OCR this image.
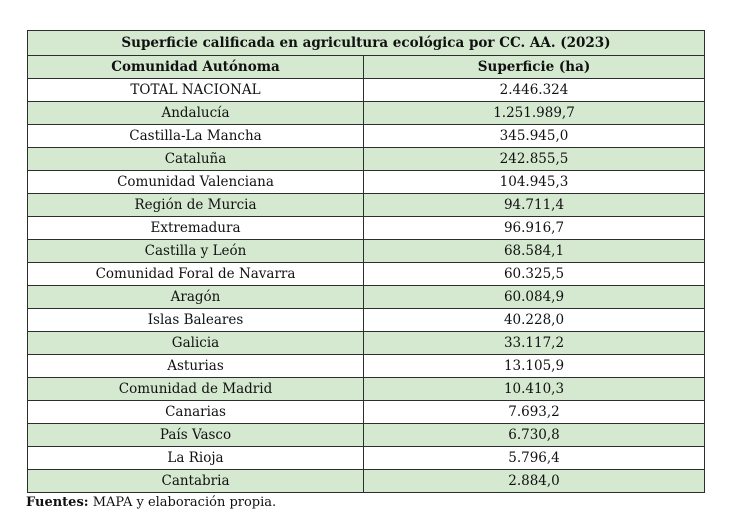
Superficie calificada en agricultura ecológica por CC. AA. (2023)	
Comunidad Autónoma	Superficie (ha)
TOTAL NACIONAL	2.446.324
Andalucía	1.251.989,7
Castilla-La Mancha	345.945,0
Cataluña	242.855,5
Comunidad Valenciana	104.945,3
Región de Murcia	94.711,4
Extremadura	96.916,7
Castilla y León	68.584,1
Comunidad Foral de Navarra	60.325,5
Aragón	60.084,9
Islas Baleares	40.228,0
Galicia	33.117,2
Asturias	13.105,9
Comunidad de Madrid	10.410,3
Canarias	7.693,2
País Vasco	6.730,8
La Rioja	5.796,4
Cantabria	2.884,0
Fuentes: MAPA y elaboración propia.
